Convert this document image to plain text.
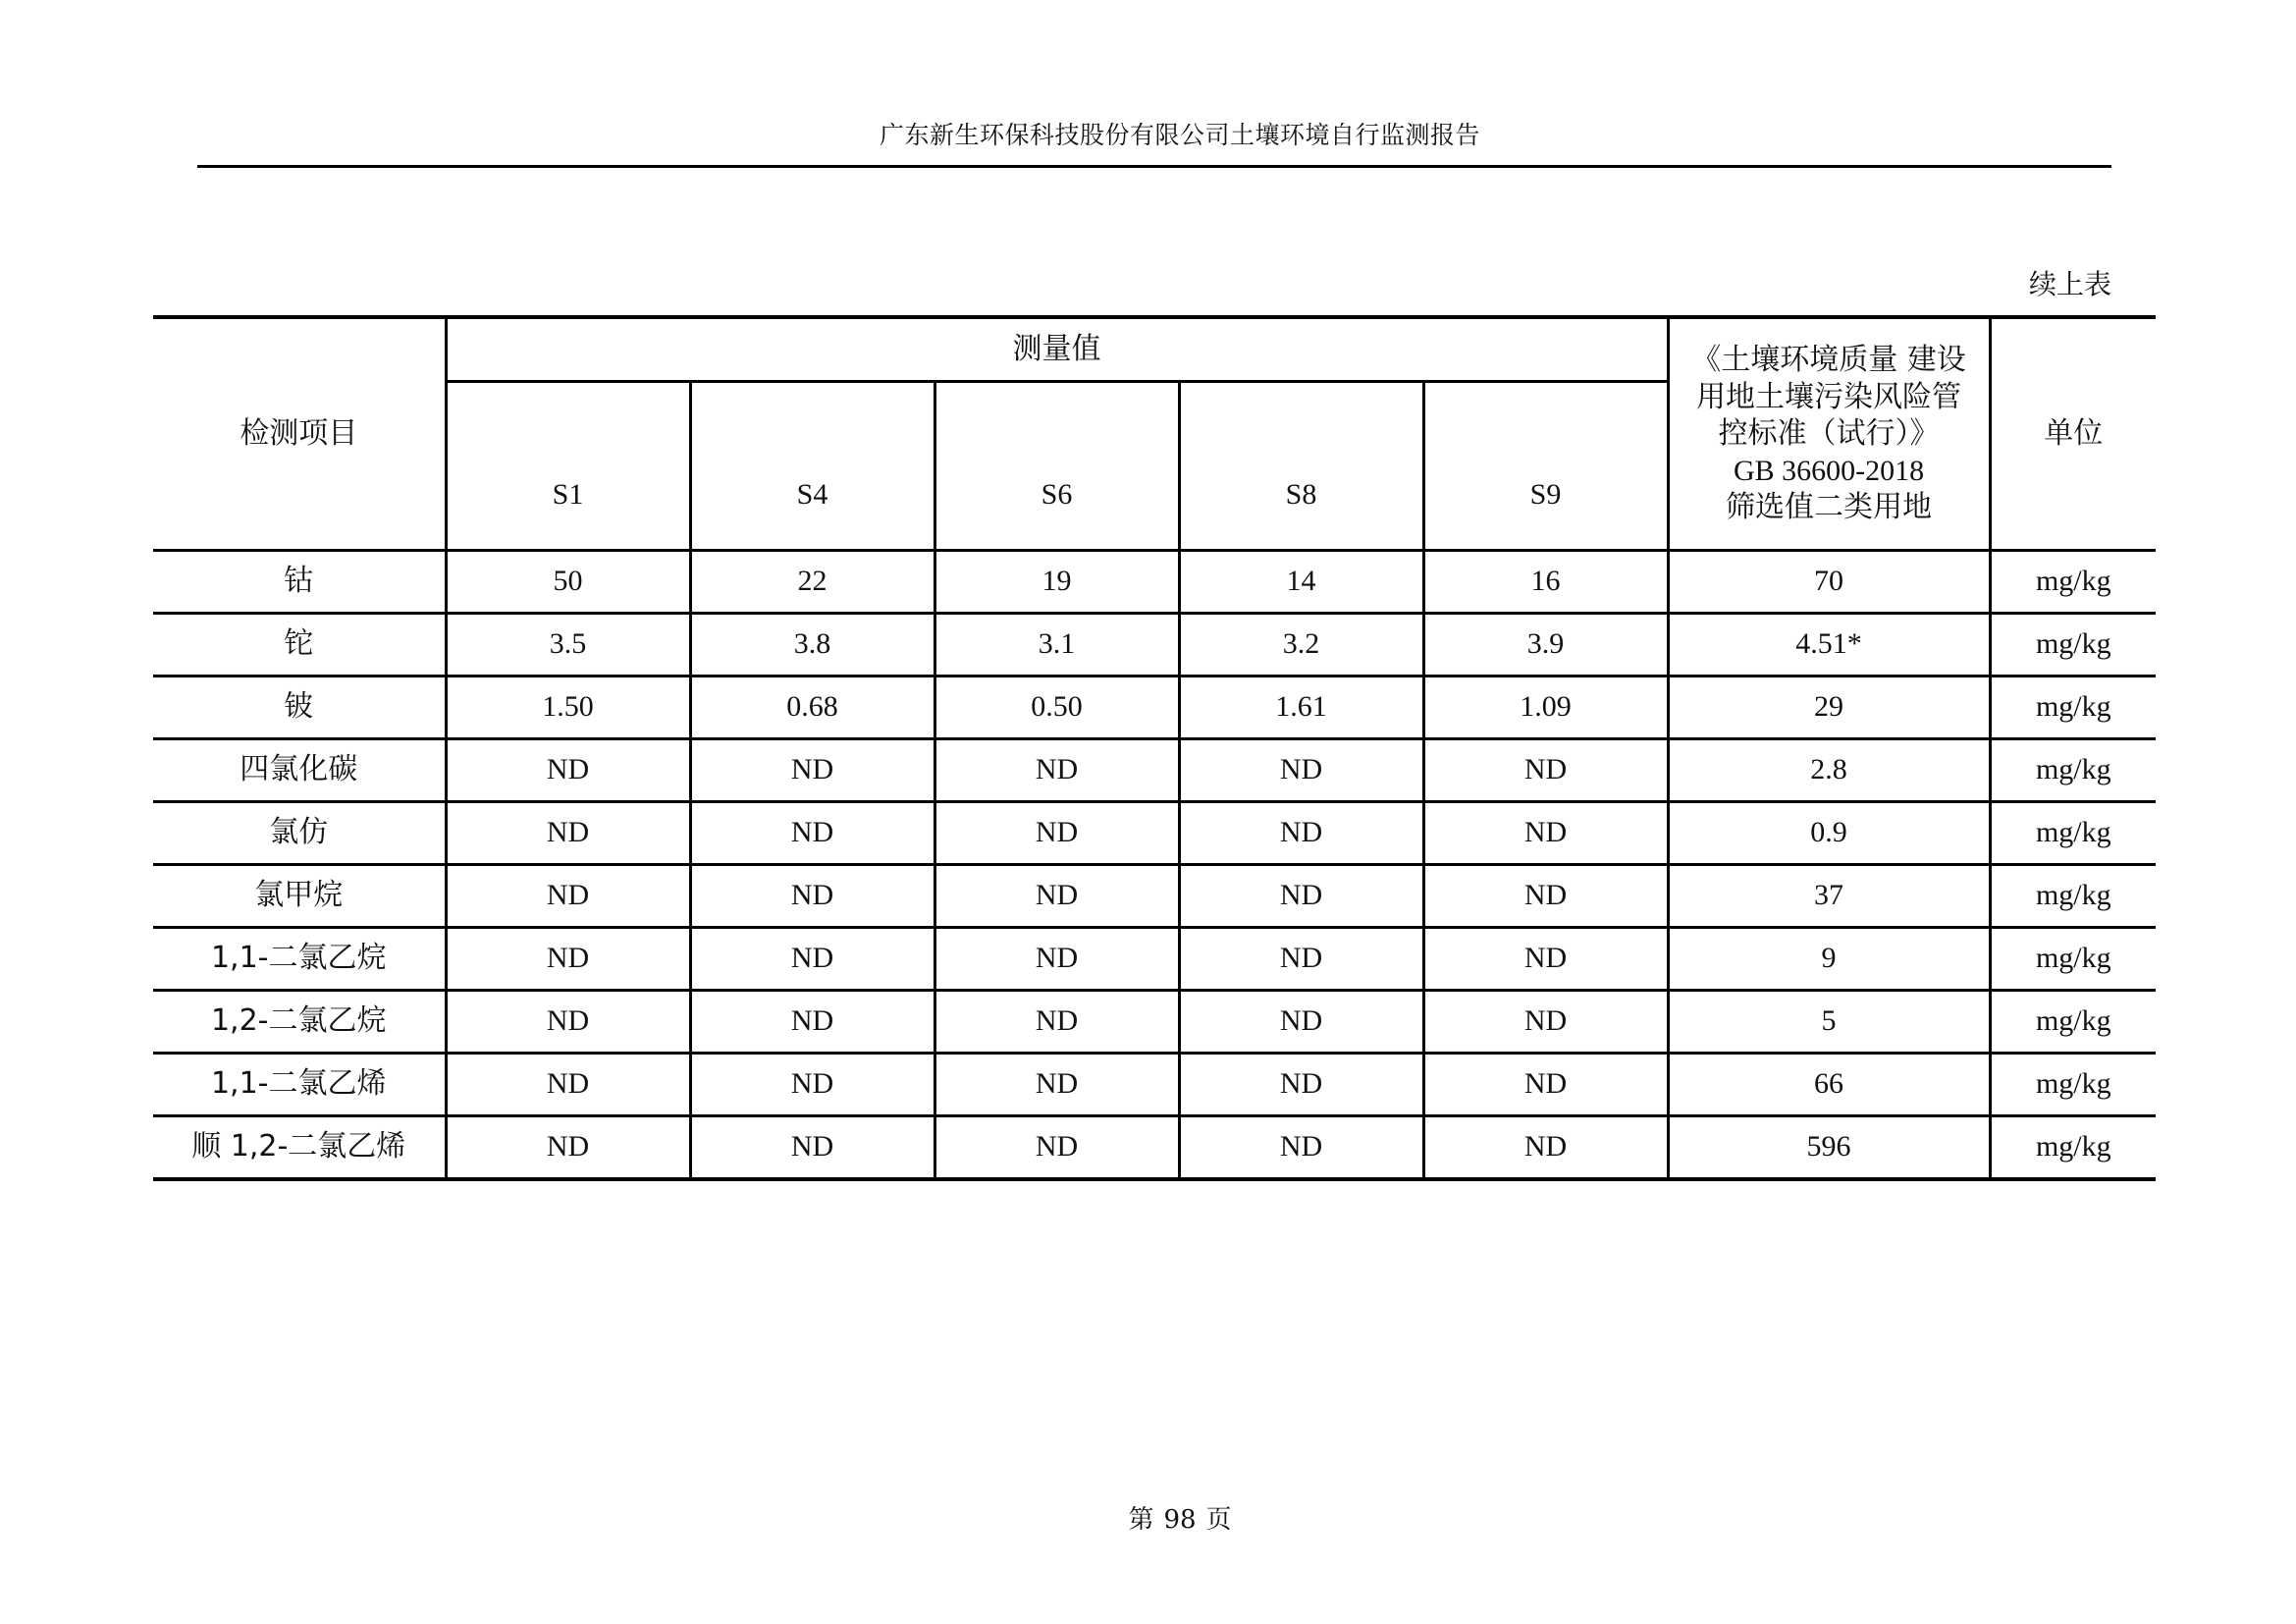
广东新生环保科技股份有限公司土壤环境自行监测报告
续上表
检测项目	测量值					《土壤环境质量 建设
用地土壤污染风险管
控标准（试行）》
GB 36600-2018
筛选值二类用地	单位
	S1	S4	S6	S8	S9		
钴	50	22	19	14	16	70	mg/kg
铊	3.5	3.8	3.1	3.2	3.9	4.51*	mg/kg
铍	1.50	0.68	0.50	1.61	1.09	29	mg/kg
四氯化碳	ND	ND	ND	ND	ND	2.8	mg/kg
氯仿	ND	ND	ND	ND	ND	0.9	mg/kg
氯甲烷	ND	ND	ND	ND	ND	37	mg/kg
1,1-二氯乙烷	ND	ND	ND	ND	ND	9	mg/kg
1,2-二氯乙烷	ND	ND	ND	ND	ND	5	mg/kg
1,1-二氯乙烯	ND	ND	ND	ND	ND	66	mg/kg
顺 1,2-二氯乙烯	ND	ND	ND	ND	ND	596	mg/kg
第 98 页
